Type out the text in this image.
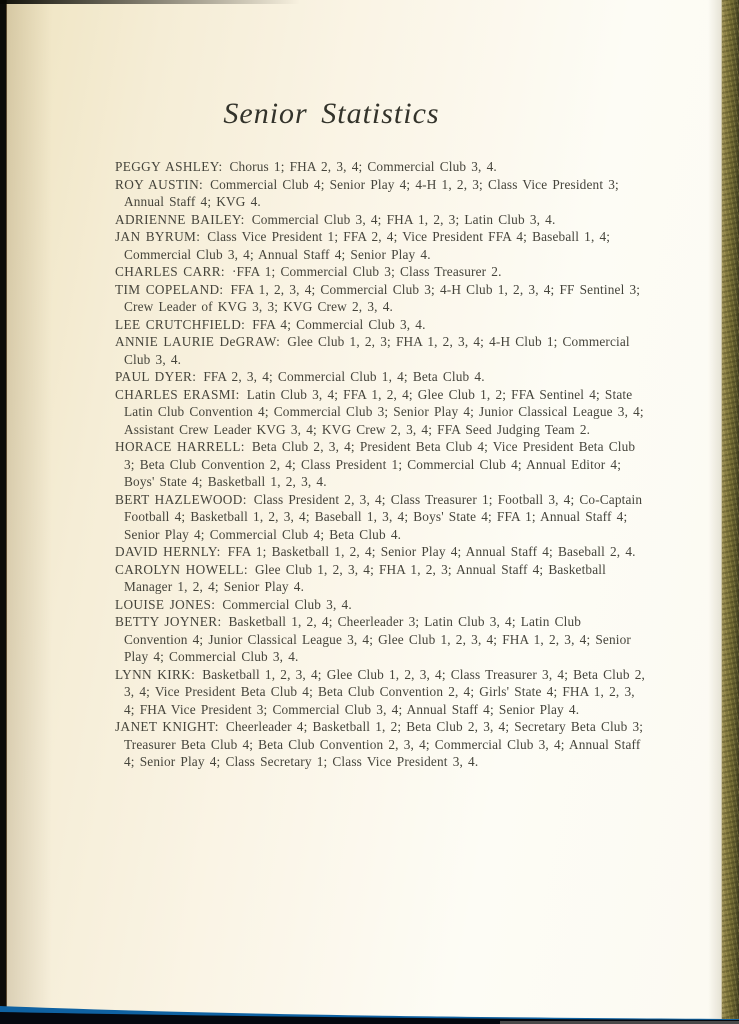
Senior Statistics

PEGGY ASHLEY: Chorus 1; FHA 2, 3, 4; Commercial Club 3, 4.

ROY AUSTIN: Commercial Club 4; Senior Play 4; 4-H 1, 2, 3; Class Vice President 3; Annual Staff 4; KVG 4.

ADRIENNE BAILEY: Commercial Club 3, 4; FHA 1, 2, 3; Latin Club 3, 4.

JAN BYRUM: Class Vice President 1; FFA 2, 4; Vice President FFA 4; Baseball 1, 4; Commercial Club 3, 4; Annual Staff 4; Senior Play 4.

CHARLES CARR: ·FFA 1; Commercial Club 3; Class Treasurer 2.

TIM COPELAND: FFA 1, 2, 3, 4; Commercial Club 3; 4-H Club 1, 2, 3, 4; FF Sentinel 3; Crew Leader of KVG 3, 3; KVG Crew 2, 3, 4.

LEE CRUTCHFIELD: FFA 4; Commercial Club 3, 4.

ANNIE LAURIE DeGRAW: Glee Club 1, 2, 3; FHA 1, 2, 3, 4; 4-H Club 1; Commercial Club 3, 4.

PAUL DYER: FFA 2, 3, 4; Commercial Club 1, 4; Beta Club 4.

CHARLES ERASMI: Latin Club 3, 4; FFA 1, 2, 4; Glee Club 1, 2; FFA Sentinel 4; State Latin Club Convention 4; Commercial Club 3; Senior Play 4; Junior Classical League 3, 4; Assistant Crew Leader KVG 3, 4; KVG Crew 2, 3, 4; FFA Seed Judging Team 2.

HORACE HARRELL: Beta Club 2, 3, 4; President Beta Club 4; Vice President Beta Club 3; Beta Club Convention 2, 4; Class President 1; Commercial Club 4; Annual Editor 4; Boys' State 4; Basketball 1, 2, 3, 4.

BERT HAZLEWOOD: Class President 2, 3, 4; Class Treasurer 1; Football 3, 4; Co-Captain Football 4; Basketball 1, 2, 3, 4; Baseball 1, 3, 4; Boys' State 4; FFA 1; Annual Staff 4; Senior Play 4; Commercial Club 4; Beta Club 4.

DAVID HERNLY: FFA 1; Basketball 1, 2, 4; Senior Play 4; Annual Staff 4; Baseball 2, 4.

CAROLYN HOWELL: Glee Club 1, 2, 3, 4; FHA 1, 2, 3; Annual Staff 4; Basketball Manager 1, 2, 4; Senior Play 4.

LOUISE JONES: Commercial Club 3, 4.

BETTY JOYNER: Basketball 1, 2, 4; Cheerleader 3; Latin Club 3, 4; Latin Club Convention 4; Junior Classical League 3, 4; Glee Club 1, 2, 3, 4; FHA 1, 2, 3, 4; Senior Play 4; Commercial Club 3, 4.

LYNN KIRK: Basketball 1, 2, 3, 4; Glee Club 1, 2, 3, 4; Class Treasurer 3, 4; Beta Club 2, 3, 4; Vice President Beta Club 4; Beta Club Convention 2, 4; Girls' State 4; FHA 1, 2, 3, 4; FHA Vice President 3; Commercial Club 3, 4; Annual Staff 4; Senior Play 4.

JANET KNIGHT: Cheerleader 4; Basketball 1, 2; Beta Club 2, 3, 4; Secretary Beta Club 3; Treasurer Beta Club 4; Beta Club Convention 2, 3, 4; Commercial Club 3, 4; Annual Staff 4; Senior Play 4; Class Secretary 1; Class Vice President 3, 4.
